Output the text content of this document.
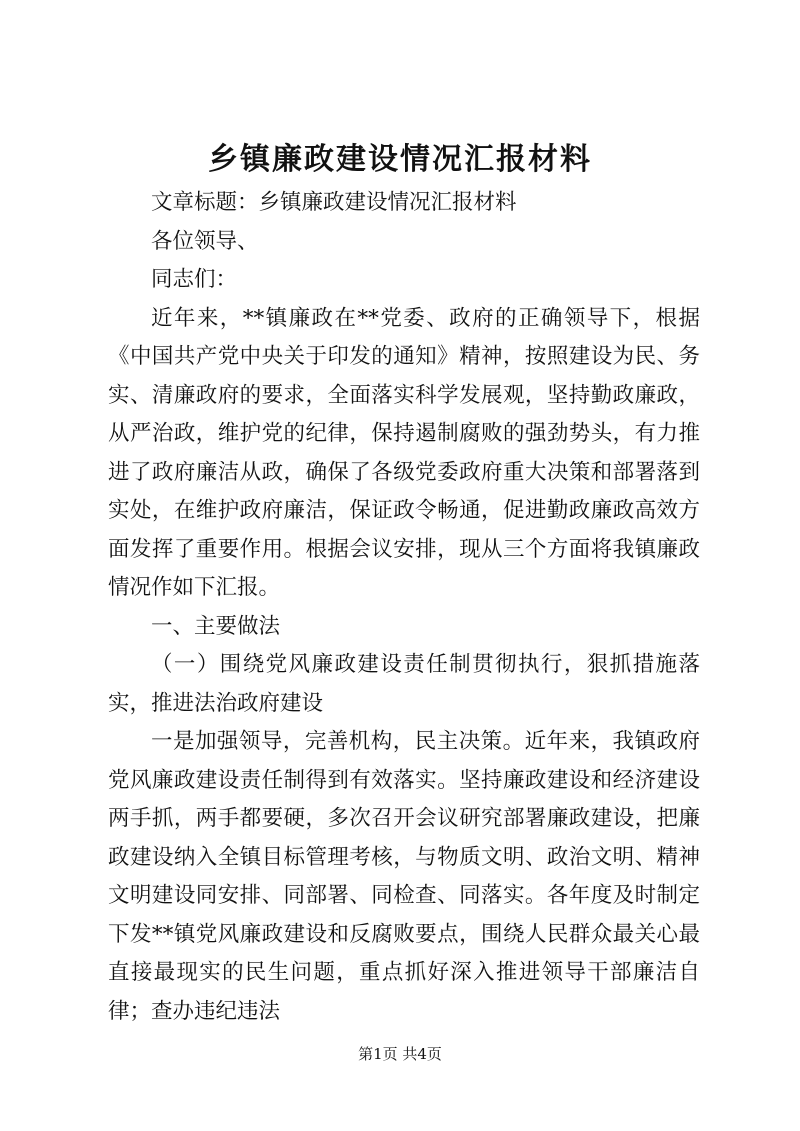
乡镇廉政建设情况汇报材料

文章标题：乡镇廉政建设情况汇报材料

各位领导、

同志们：

近年来，**镇廉政在**党委、政府的正确领导下，根据《中国共产党中央关于印发的通知》精神，按照建设为民、务实、清廉政府的要求，全面落实科学发展观，坚持勤政廉政，从严治政，维护党的纪律，保持遏制腐败的强劲势头，有力推进了政府廉洁从政，确保了各级党委政府重大决策和部署落到实处，在维护政府廉洁，保证政令畅通，促进勤政廉政高效方面发挥了重要作用。根据会议安排，现从三个方面将我镇廉政情况作如下汇报。

一、主要做法

（一）围绕党风廉政建设责任制贯彻执行，狠抓措施落实，推进法治政府建设

一是加强领导，完善机构，民主决策。近年来，我镇政府党风廉政建设责任制得到有效落实。坚持廉政建设和经济建设两手抓，两手都要硬，多次召开会议研究部署廉政建设，把廉政建设纳入全镇目标管理考核，与物质文明、政治文明、精神文明建设同安排、同部署、同检查、同落实。各年度及时制定下发**镇党风廉政建设和反腐败要点，围绕人民群众最关心最直接最现实的民生问题，重点抓好深入推进领导干部廉洁自律；查办违纪违法

第1页 共4页
